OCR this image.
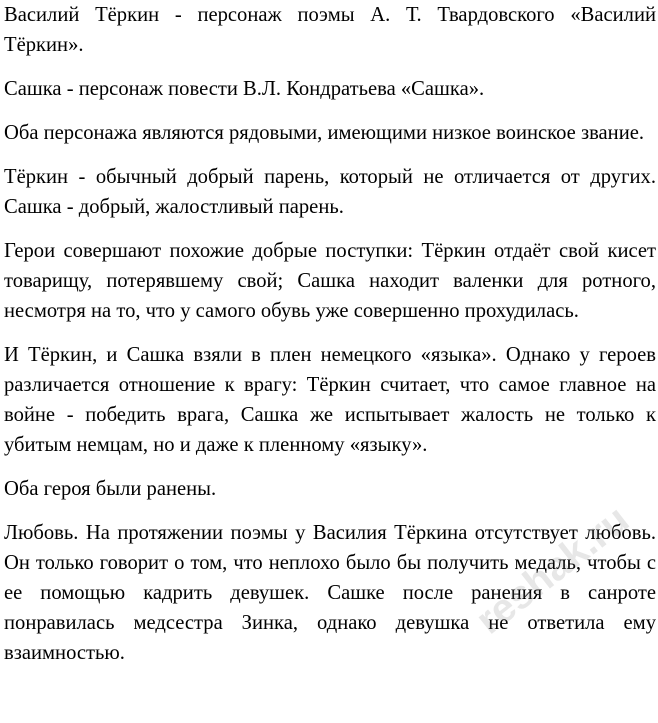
Василий Тёркин - персонаж поэмы А. Т. Твардовского «Василий Тёркин».

Сашка - персонаж повести В.Л. Кондратьева «Сашка».

Оба персонажа являются рядовыми, имеющими низкое воинское звание.

Тёркин - обычный добрый парень, который не отличается от других. Сашка - добрый, жалостливый парень.

Герои совершают похожие добрые поступки: Тёркин отдаёт свой кисет товарищу, потерявшему свой; Сашка находит валенки для ротного, несмотря на то, что у самого обувь уже совершенно прохудилась.

И Тёркин, и Сашка взяли в плен немецкого «языка». Однако у героев различается отношение к врагу: Тёркин считает, что самое главное на войне - победить врага, Сашка же испытывает жалость не только к убитым немцам, но и даже к пленному «языку».

Оба героя были ранены.

Любовь. На протяжении поэмы у Василия Тёркина отсутствует любовь. Он только говорит о том, что неплохо было бы получить медаль, чтобы с ее помощью кадрить девушек. Сашке после ранения в санроте понравилась медсестра Зинка, однако девушка не ответила ему взаимностью.

reshak.ru
